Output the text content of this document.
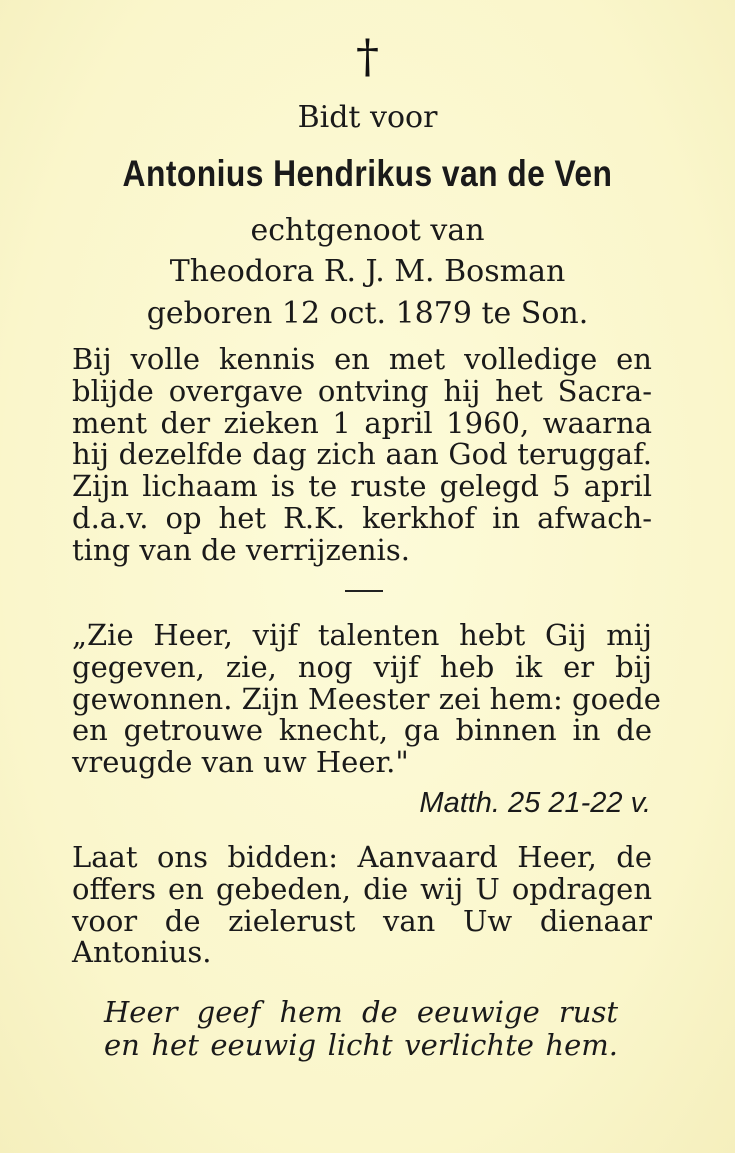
†
Bidt voor
Antonius Hendrikus van de Ven
echtgenoot van
Theodora R. J. M. Bosman
geboren 12 oct. 1879 te Son.
Bij volle kennis en met volledige en
blijde overgave ontving hij het Sacra-
ment der zieken 1 april 1960, waarna
hij dezelfde dag zich aan God teruggaf.
Zijn lichaam is te ruste gelegd 5 april
d.a.v. op het R.K. kerkhof in afwach-
ting van de verrijzenis.
„Zie Heer, vijf talenten hebt Gij mij
gegeven, zie, nog vijf heb ik er bij
gewonnen. Zijn Meester zei hem: goede
en getrouwe knecht, ga binnen in de
vreugde van uw Heer."
Matth. 25 21-22 v.
Laat ons bidden: Aanvaard Heer, de
offers en gebeden, die wij U opdragen
voor de zielerust van Uw dienaar
Antonius.
Heer geef hem de eeuwige rust
en het eeuwig licht verlichte hem.
